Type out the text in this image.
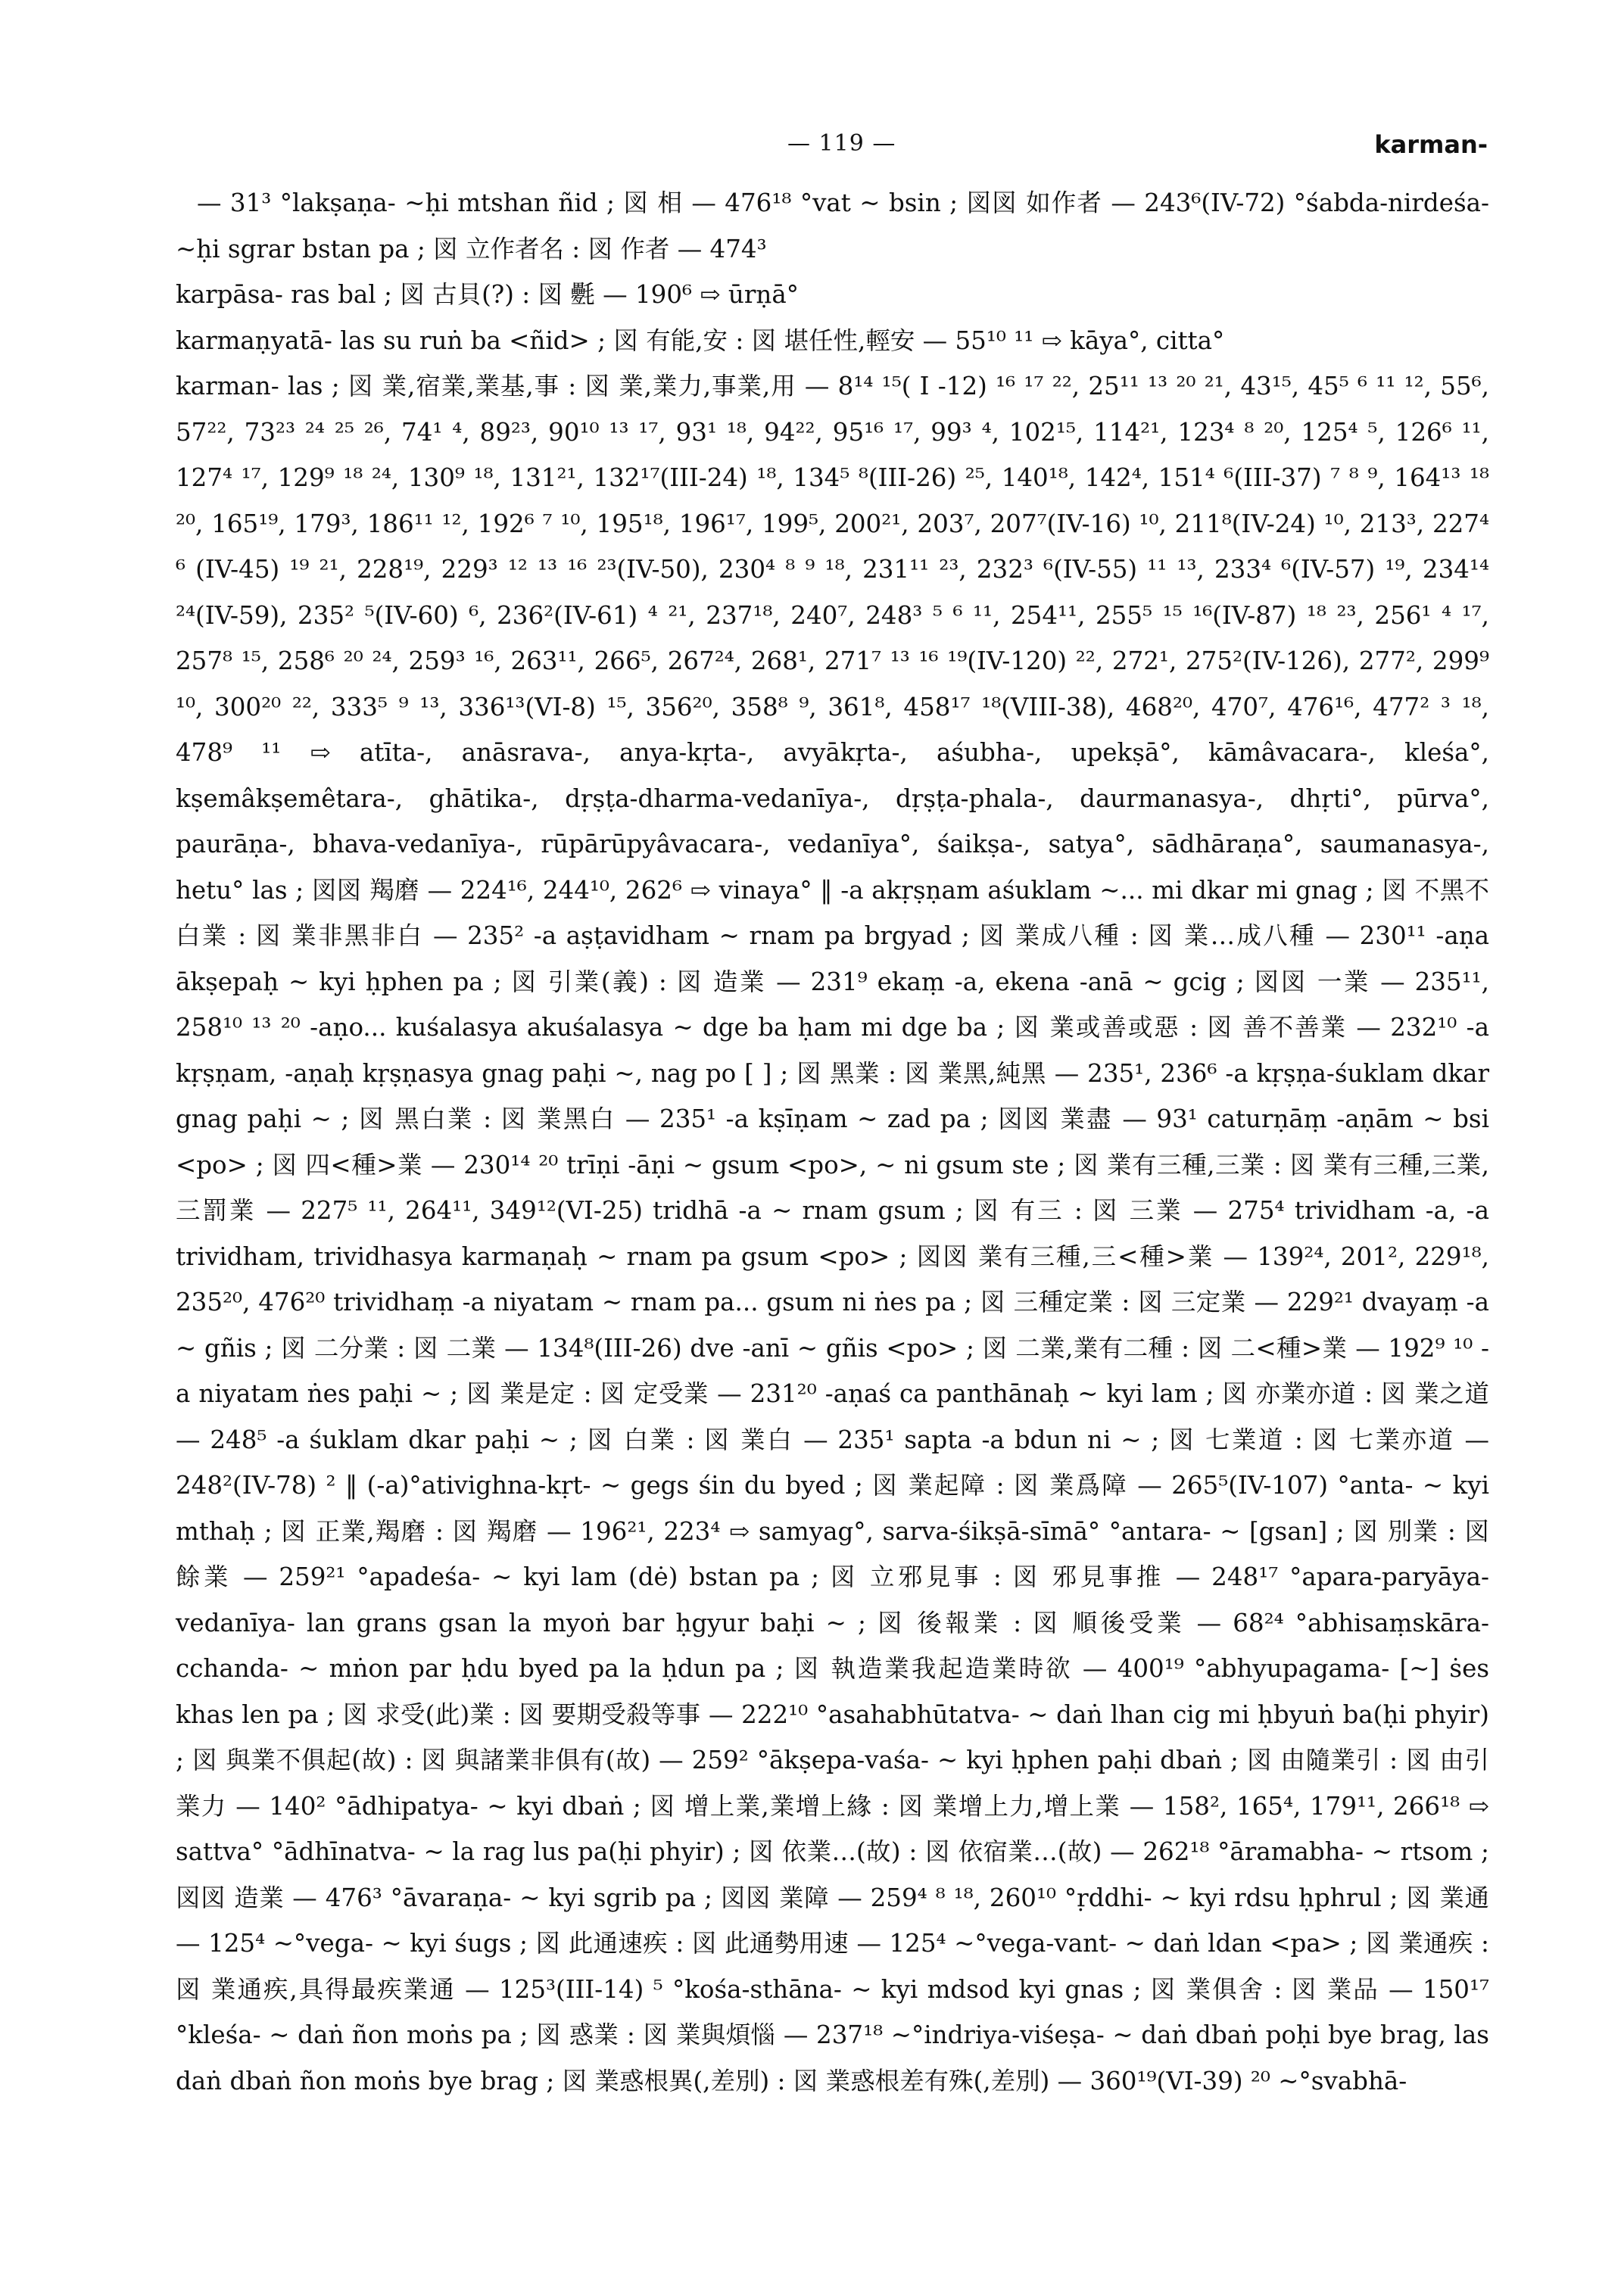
— 119 —	karman-

— 31³ °lakṣaṇa- ~ḥi mtshan ñid ; 図 相 — 476¹⁸ °vat ~ bsin ; 図図 如作者 — 243⁶(IV-72) °śabda-nirdeśa- ~ḥi sgrar bstan pa ; 図 立作者名 : 図 作者 — 474³

karpāsa- ras bal ; 図 古貝(?) : 図 氎 — 190⁶ ⇨ ūrṇā°

karmaṇyatā- las su ruṅ ba <ñid> ; 図 有能,安 : 図 堪任性,輕安 — 55¹⁰ ¹¹ ⇨ kāya°, citta°

karman- las ; 図 業,宿業,業基,事 : 図 業,業力,事業,用 — 8¹⁴ ¹⁵( I -12) ¹⁶ ¹⁷ ²², 25¹¹ ¹³ ²⁰ ²¹, 43¹⁵, 45⁵ ⁶ ¹¹ ¹², 55⁶, 57²², 73²³ ²⁴ ²⁵ ²⁶, 74¹ ⁴, 89²³, 90¹⁰ ¹³ ¹⁷, 93¹ ¹⁸, 94²², 95¹⁶ ¹⁷, 99³ ⁴, 102¹⁵, 114²¹, 123⁴ ⁸ ²⁰, 125⁴ ⁵, 126⁶ ¹¹, 127⁴ ¹⁷, 129⁹ ¹⁸ ²⁴, 130⁹ ¹⁸, 131²¹, 132¹⁷(III-24) ¹⁸, 134⁵ ⁸(III-26) ²⁵, 140¹⁸, 142⁴, 151⁴ ⁶(III-37) ⁷ ⁸ ⁹, 164¹³ ¹⁸ ²⁰, 165¹⁹, 179³, 186¹¹ ¹², 192⁶ ⁷ ¹⁰, 195¹⁸, 196¹⁷, 199⁵, 200²¹, 203⁷, 207⁷(IV-16) ¹⁰, 211⁸(IV-24) ¹⁰, 213³, 227⁴ ⁶ (IV-45) ¹⁹ ²¹, 228¹⁹, 229³ ¹² ¹³ ¹⁶ ²³(IV-50), 230⁴ ⁸ ⁹ ¹⁸, 231¹¹ ²³, 232³ ⁶(IV-55) ¹¹ ¹³, 233⁴ ⁶(IV-57) ¹⁹, 234¹⁴ ²⁴(IV-59), 235² ⁵(IV-60) ⁶, 236²(IV-61) ⁴ ²¹, 237¹⁸, 240⁷, 248³ ⁵ ⁶ ¹¹, 254¹¹, 255⁵ ¹⁵ ¹⁶(IV-87) ¹⁸ ²³, 256¹ ⁴ ¹⁷, 257⁸ ¹⁵, 258⁶ ²⁰ ²⁴, 259³ ¹⁶, 263¹¹, 266⁵, 267²⁴, 268¹, 271⁷ ¹³ ¹⁶ ¹⁹(IV-120) ²², 272¹, 275²(IV-126), 277², 299⁹ ¹⁰, 300²⁰ ²², 333⁵ ⁹ ¹³, 336¹³(VI-8) ¹⁵, 356²⁰, 358⁸ ⁹, 361⁸, 458¹⁷ ¹⁸(VIII-38), 468²⁰, 470⁷, 476¹⁶, 477² ³ ¹⁸, 478⁹ ¹¹ ⇨ atīta-, anāsrava-, anya-kṛta-, avyākṛta-, aśubha-, upekṣā°, kāmâvacara-, kleśa°, kṣemâkṣemêtara-, ghātika-, dṛṣṭa-dharma-vedanīya-, dṛṣṭa-phala-, daurmanasya-, dhṛti°, pūrva°, paurāṇa-, bhava-vedanīya-, rūpārūpyâvacara-, vedanīya°, śaikṣa-, satya°, sādhāraṇa°, saumanasya-, hetu° las ; 図図 羯磨 — 224¹⁶, 244¹⁰, 262⁶ ⇨ vinaya° ‖ -a akṛṣṇam aśuklam ~... mi dkar mi gnag ; 図 不黑不白業 : 図 業非黑非白 — 235² -a aṣṭavidham ~ rnam pa brgyad ; 図 業成八種 : 図 業…成八種 — 230¹¹ -aṇa ākṣepaḥ ~ kyi ḥphen pa ; 図 引業(義) : 図 造業 — 231⁹ ekaṃ -a, ekena -anā ~ gcig ; 図図 一業 — 235¹¹, 258¹⁰ ¹³ ²⁰ -aṇo... kuśalasya akuśalasya ~ dge ba ḥam mi dge ba ; 図 業或善或惡 : 図 善不善業 — 232¹⁰ -a kṛṣṇam, -aṇaḥ kṛṣṇasya gnag paḥi ~, nag po [ ] ; 図 黑業 : 図 業黑,純黑 — 235¹, 236⁶ -a kṛṣṇa-śuklam dkar gnag paḥi ~ ; 図 黑白業 : 図 業黑白 — 235¹ -a kṣīṇam ~ zad pa ; 図図 業盡 — 93¹ caturṇāṃ -aṇām ~ bsi <po> ; 図 四<種>業 — 230¹⁴ ²⁰ trīṇi -āṇi ~ gsum <po>, ~ ni gsum ste ; 図 業有三種,三業 : 図 業有三種,三業,三罰業 — 227⁵ ¹¹, 264¹¹, 349¹²(VI-25) tridhā -a ~ rnam gsum ; 図 有三 : 図 三業 — 275⁴ trividham -a, -a trividham, trividhasya karmaṇaḥ ~ rnam pa gsum <po> ; 図図 業有三種,三<種>業 — 139²⁴, 201², 229¹⁸, 235²⁰, 476²⁰ trividhaṃ -a niyatam ~ rnam pa... gsum ni ṅes pa ; 図 三種定業 : 図 三定業 — 229²¹ dvayaṃ -a ~ gñis ; 図 二分業 : 図 二業 — 134⁸(III-26) dve -anī ~ gñis <po> ; 図 二業,業有二種 : 図 二<種>業 — 192⁹ ¹⁰ -a niyatam ṅes paḥi ~ ; 図 業是定 : 図 定受業 — 231²⁰ -aṇaś ca panthānaḥ ~ kyi lam ; 図 亦業亦道 : 図 業之道 — 248⁵ -a śuklam dkar paḥi ~ ; 図 白業 : 図 業白 — 235¹ sapta -a bdun ni ~ ; 図 七業道 : 図 七業亦道 — 248²(IV-78) ² ‖ (-a)°ativighna-kṛt- ~ gegs śin du byed ; 図 業起障 : 図 業爲障 — 265⁵(IV-107) °anta- ~ kyi mthaḥ ; 図 正業,羯磨 : 図 羯磨 — 196²¹, 223⁴ ⇨ samyag°, sarva-śikṣā-sīmā° °antara- ~ [gsan] ; 図 別業 : 図 餘業 — 259²¹ °apadeśa- ~ kyi lam (dė) bstan pa ; 図 立邪見事 : 図 邪見事推 — 248¹⁷ °apara-paryāya-vedanīya- lan grans gsan la myoṅ bar ḥgyur baḥi ~ ; 図 後報業 : 図 順後受業 — 68²⁴ °abhisaṃskāra-cchanda- ~ mṅon par ḥdu byed pa la ḥdun pa ; 図 執造業我起造業時欲 — 400¹⁹ °abhyupagama- [~] ṡes khas len pa ; 図 求受(此)業 : 図 要期受殺等事 — 222¹⁰ °asahabhūtatva- ~ daṅ lhan cig mi ḥbyuṅ ba(ḥi phyir) ; 図 與業不俱起(故) : 図 與諸業非俱有(故) — 259² °ākṣepa-vaśa- ~ kyi ḥphen paḥi dbaṅ ; 図 由隨業引 : 図 由引業力 — 140² °ādhipatya- ~ kyi dbaṅ ; 図 增上業,業增上緣 : 図 業增上力,增上業 — 158², 165⁴, 179¹¹, 266¹⁸ ⇨ sattva° °ādhīnatva- ~ la rag lus pa(ḥi phyir) ; 図 依業…(故) : 図 依宿業…(故) — 262¹⁸ °āramabha- ~ rtsom ; 図図 造業 — 476³ °āvaraṇa- ~ kyi sgrib pa ; 図図 業障 — 259⁴ ⁸ ¹⁸, 260¹⁰ °ṛddhi- ~ kyi rdsu ḥphrul ; 図 業通 — 125⁴ ~°vega- ~ kyi śugs ; 図 此通速疾 : 図 此通勢用速 — 125⁴ ~°vega-vant- ~ daṅ ldan <pa> ; 図 業通疾 : 図 業通疾,具得最疾業通 — 125³(III-14) ⁵ °kośa-sthāna- ~ kyi mdsod kyi gnas ; 図 業俱舍 : 図 業品 — 150¹⁷ °kleśa- ~ daṅ ñon moṅs pa ; 図 惑業 : 図 業與煩惱 — 237¹⁸ ~°indriya-viśeṣa- ~ daṅ dbaṅ poḥi bye brag, las daṅ dbaṅ ñon moṅs bye brag ; 図 業惑根異(,差別) : 図 業惑根差有殊(,差別) — 360¹⁹(VI-39) ²⁰ ~°svabhā-
